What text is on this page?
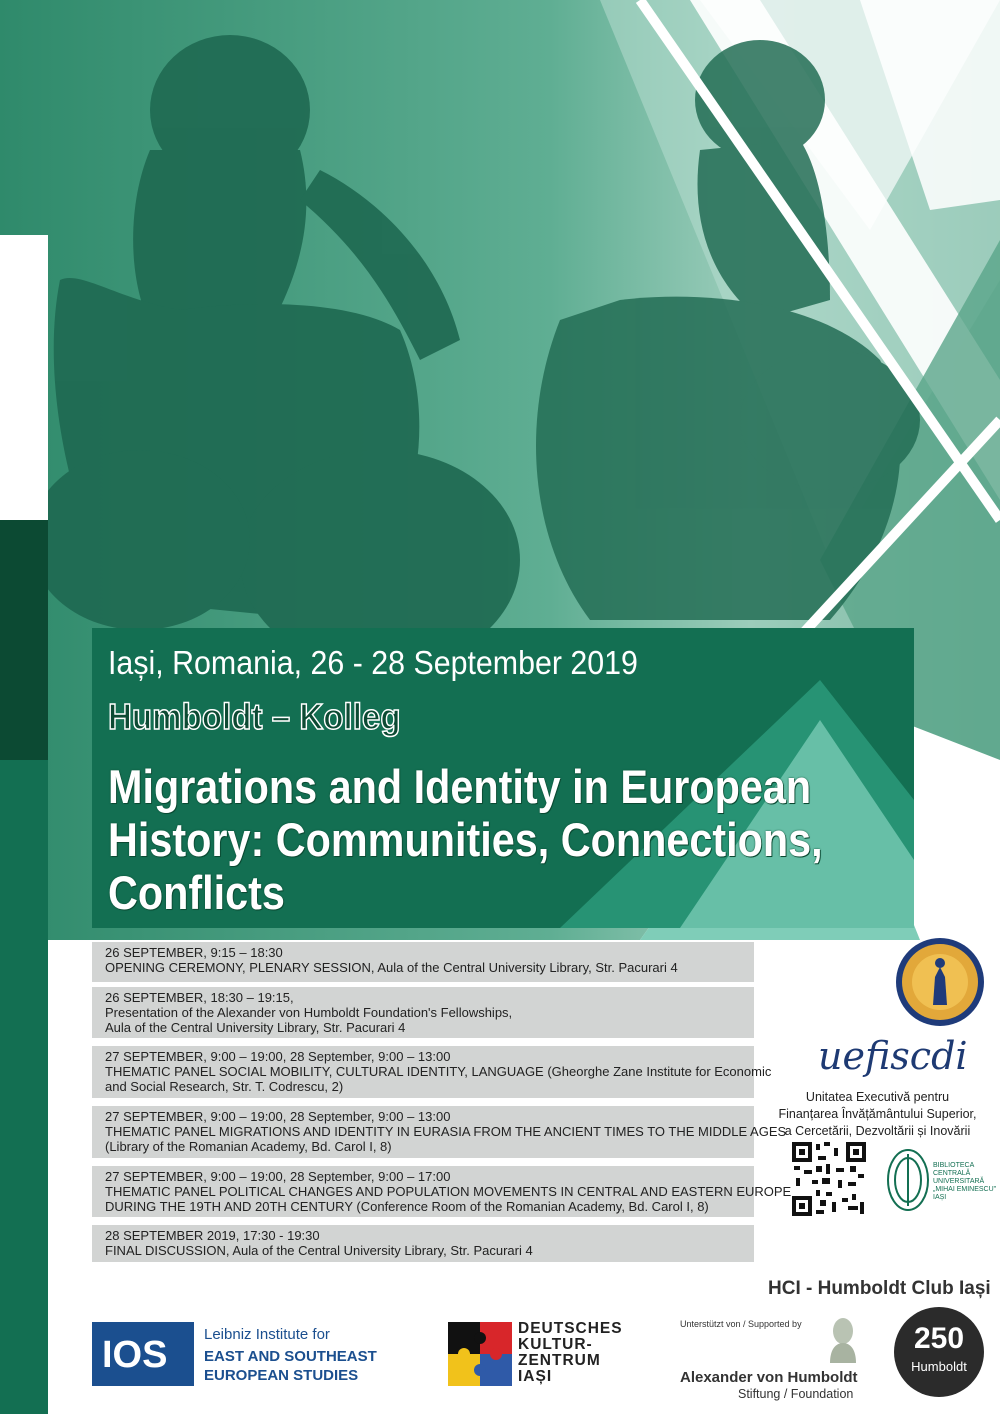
Iași, Romania, 26 - 28 September 2019
Humboldt – Kolleg
Migrations and Identity in European
History: Communities, Connections,
Conflicts
26 SEPTEMBER, 9:15 – 18:30
OPENING CEREMONY, PLENARY SESSION, Aula of the Central University Library, Str. Pacurari 4
26 SEPTEMBER, 18:30 – 19:15,
Presentation of the Alexander von Humboldt Foundation's Fellowships,
Aula of the Central University Library, Str. Pacurari 4
27 SEPTEMBER, 9:00 – 19:00, 28 September, 9:00 – 13:00
THEMATIC PANEL SOCIAL MOBILITY, CULTURAL IDENTITY, LANGUAGE (Gheorghe Zane Institute for Economic
and Social Research, Str. T. Codrescu, 2)
27 SEPTEMBER, 9:00 – 19:00, 28 September, 9:00 – 13:00
THEMATIC PANEL MIGRATIONS AND IDENTITY IN EURASIA FROM THE ANCIENT TIMES TO THE MIDDLE AGES
(Library of the Romanian Academy, Bd. Carol I, 8)
27 SEPTEMBER, 9:00 – 19:00, 28 September, 9:00 – 17:00
THEMATIC PANEL POLITICAL CHANGES AND POPULATION MOVEMENTS IN CENTRAL AND EASTERN EUROPE
DURING THE 19TH AND 20TH CENTURY (Conference Room of the Romanian Academy, Bd. Carol I, 8)
28 SEPTEMBER 2019, 17:30 - 19:30
FINAL DISCUSSION, Aula of the Central University Library, Str. Pacurari 4
uefiscdi
Unitatea Executivă pentru
Finanțarea Învățământului Superior,
a Cercetării, Dezvoltării și Inovării
BIBLIOTECA
CENTRALĂ
UNIVERSITARĂ
„MIHAI EMINESCU"
IAȘI
HCI - Humboldt Club Iași
IOS Leibniz Institute for
EAST AND SOUTHEAST
EUROPEAN STUDIES
DEUTSCHES
KULTUR-
ZENTRUM
IAȘI
Unterstützt von / Supported by
Alexander von Humboldt
Stiftung / Foundation
250
Humboldt
